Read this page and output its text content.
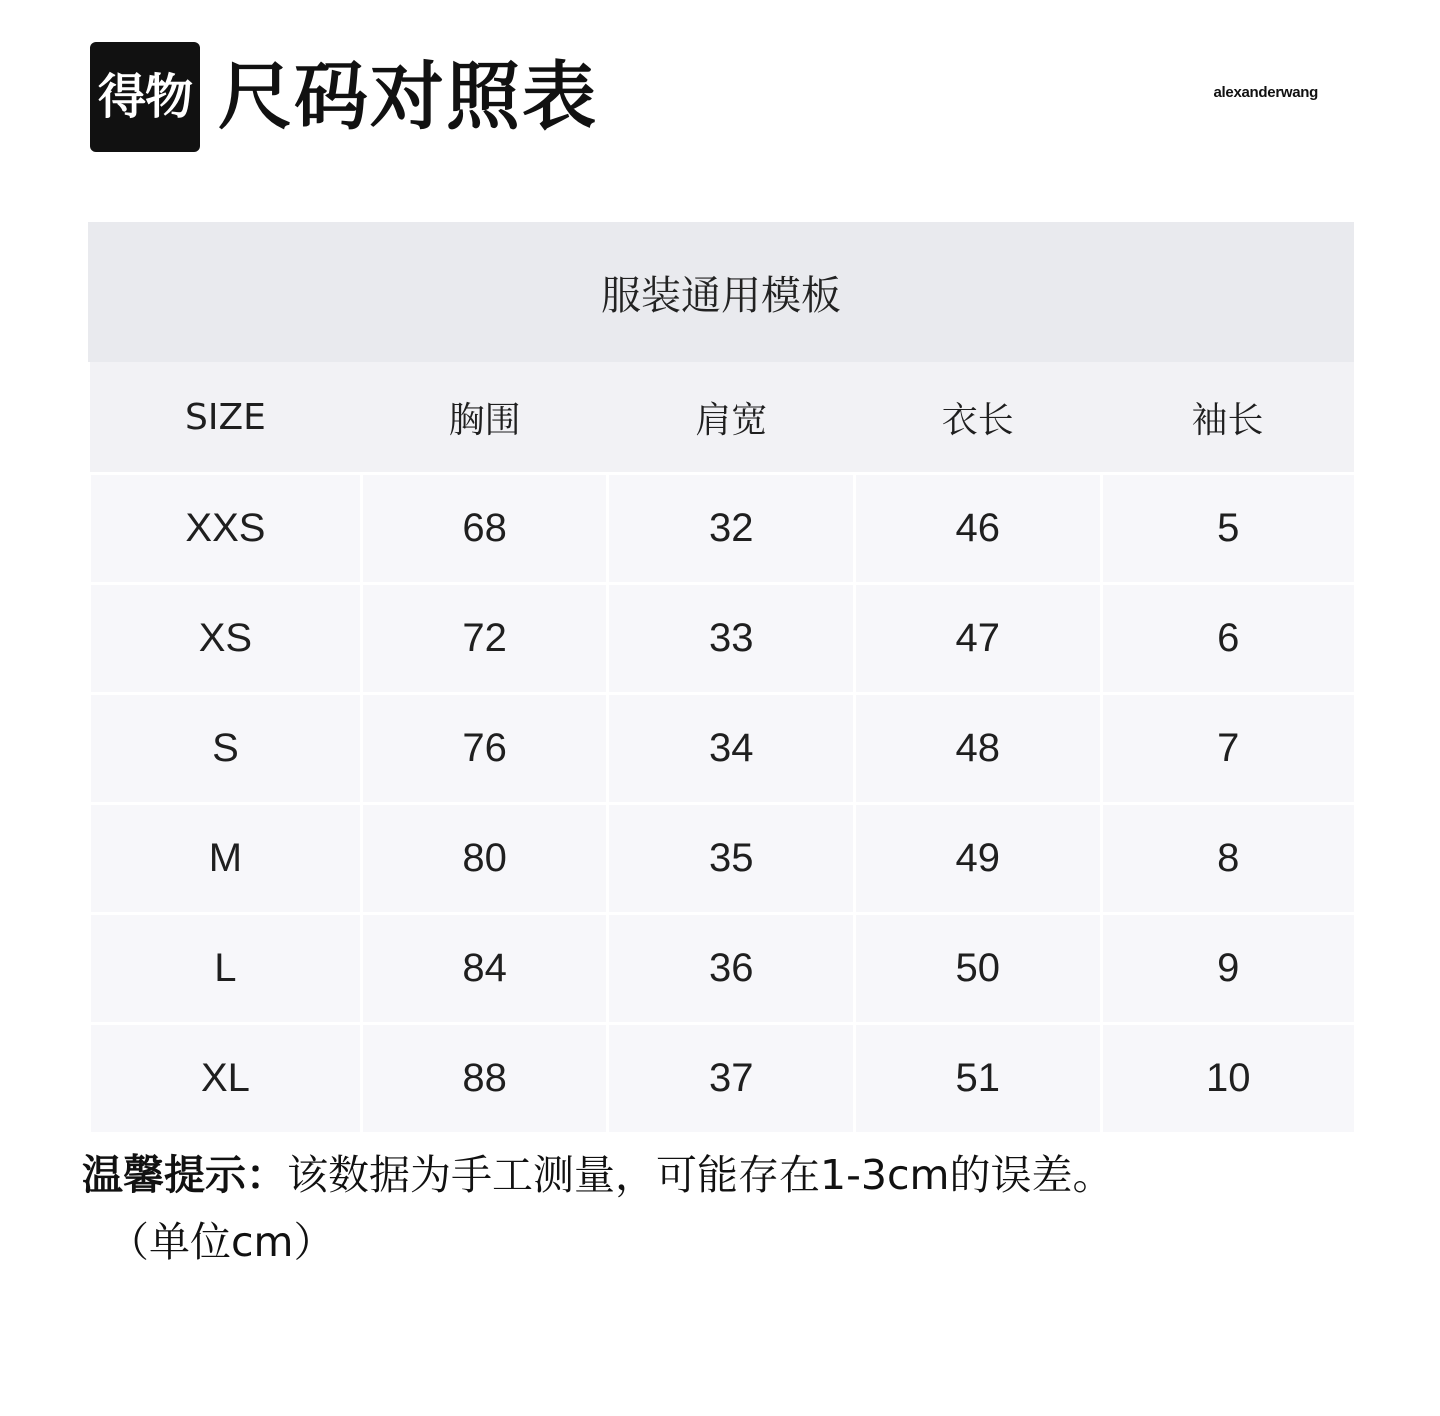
得物 尺码对照表	alexanderwang
服装通用模板
SIZE	胸围	肩宽	衣长	袖长
XXS	68	32	46	5
XS	72	33	47	6
S	76	34	48	7
M	80	35	49	8
L	84	36	50	9
XL	88	37	51	10
温馨提示：该数据为手工测量，可能存在1-3cm的误差。
（单位cm）
